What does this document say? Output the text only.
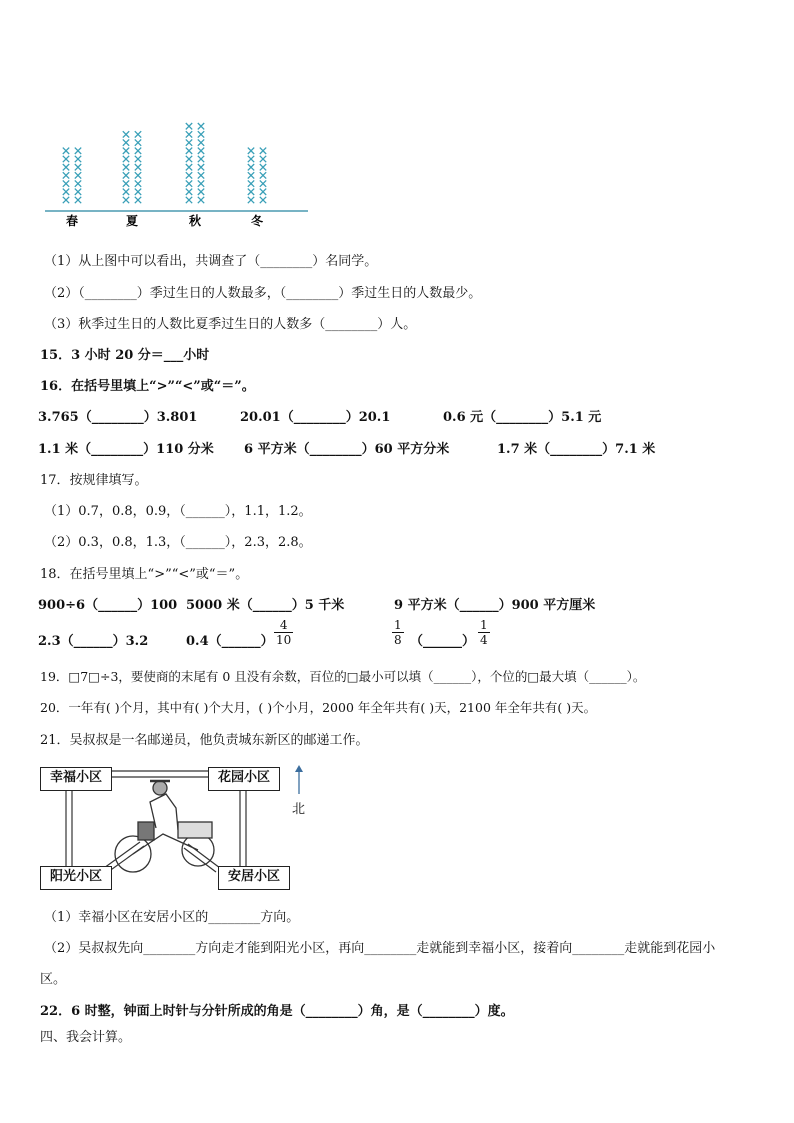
春	夏	秋	冬
（1）从上图中可以看出，共调查了（________）名同学。
（2）（________）季过生日的人数最多，（________）季过生日的人数最少。
（3）秋季过生日的人数比夏季过生日的人数多（________）人。
15．3 小时 20 分＝___小时
16．在括号里填上“>”“<”或“＝”。
3.765（________）3.801	20.01（________）20.1	0.6 元（________）5.1 元
1.1 米（________）110 分米 6 平方米（________）60 平方分米	1.7 米（________）7.1 米
17．按规律填写。
（1）0.7，0.8，0.9，（______），1.1，1.2。
（2）0.3，0.8，1.3，（______），2.3，2.8。
18．在括号里填上“>”“<”或“＝”。
900÷6（______）100 5000 米（______）5 千米	9 平方米（______）900 平方厘米
2.3（______）3.2	0.4（______） $\frac{4}{10}$	$\frac{1}{8}$ （______） $\frac{1}{4}$
19．□7□÷3，要使商的末尾有 0 且没有余数，百位的□最小可以填（______），个位的□最大填（______）。
20．一年有( )个月，其中有( )个大月，( )个小月，2000 年全年共有( )天，2100 年全年共有( )天。
21．吴叔叔是一名邮递员，他负责城东新区的邮递工作。
幸福小区	花园小区
阳光小区	安居小区
北
（1）幸福小区在安居小区的________方向。
（2）吴叔叔先向________方向走才能到阳光小区，再向________走就能到幸福小区，接着向________走就能到花园小
区。
22．6 时整，钟面上时针与分针所成的角是（________）角，是（________）度。
四、我会计算。
